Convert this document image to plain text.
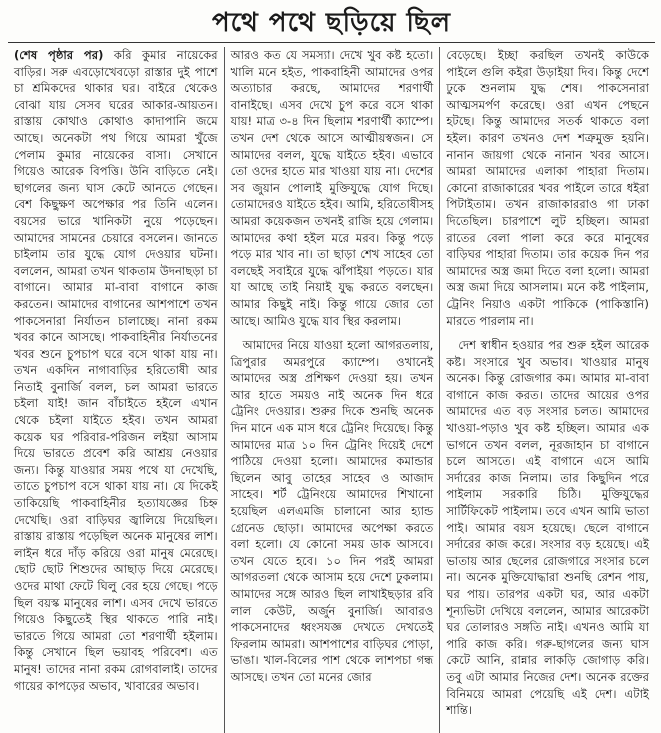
পথে পথে ছড়িয়ে ছিল

(শেষ পৃষ্ঠার পর) করি কুমার নায়েকের বাড়ির। সরু এবড়োখেবড়ো রাস্তার দুই পাশে চা শ্রমিকদের থাকার ঘর। বাইরে থেকেও বোঝা যায় সেসব ঘরের আকার-আয়তন। রাস্তায় কোথাও কোথাও কাদাপানি জমে আছে। অনেকটা পথ গিয়ে আমরা খুঁজে পেলাম কুমার নায়েকের বাসা। সেখানে গিয়েও আরেক বিপত্তি। উনি বাড়িতে নেই। ছাগলের জন্য ঘাস কেটে আনতে গেছেন। বেশ কিছুক্ষণ অপেক্ষার পর তিনি এলেন। বয়সের ভারে খানিকটা নুয়ে পড়েছেন। আমাদের সামনের চেয়ারে বসলেন। জানতে চাইলাম তার যুদ্ধে যোগ দেওয়ার ঘটনা। বললেন, আমরা তখন থাকতাম উদনাছড়া চা বাগানে। আমার মা-বাবা বাগানে কাজ করতেন। আমাদের বাগানের আশপাশে তখন পাকসেনারা নির্যাতন চালাচ্ছে। নানা রকম খবর কানে আসছে। পাকবাহিনীর নির্যাতনের খবর শুনে চুপচাপ ঘরে বসে থাকা যায় না। তখন একদিন নাগাবাড়ির হরিতোষী আর নিতাই বুনার্জি বলল, চল আমরা ভারতে চইলা যাই! জান বাঁচাইতে হইলে এখান থেকে চইলা যাইতে হইব। তখন আমরা কয়েক ঘর পরিবার-পরিজন লইয়া আসাম দিয়ে ভারতে প্রবেশ করি আশ্রয় নেওয়ার জন্য। কিন্তু যাওয়ার সময় পথে যা দেখেছি, তাতে চুপচাপ বসে থাকা যায় না। যে দিকেই তাকিয়েছি পাকবাহিনীর হত্যাযজ্ঞের চিহ্ন দেখেছি। ওরা বাড়িঘর জ্বালিয়ে দিয়েছিল। রাস্তায় রাস্তায় পড়েছিল অনেক মানুষের লাশ। লাইন ধরে দাঁড় করিয়ে ওরা মানুষ মেরেছে। ছোট ছোট শিশুদের আছাড় দিয়ে মেরেছে। ওদের মাথা ফেটে ঘিলু বের হয়ে গেছে। পড়ে ছিল বয়স্ক মানুষের লাশ। এসব দেখে ভারতে গিয়েও কিছুতেই স্থির থাকতে পারি নাই। ভারতে গিয়ে আমরা তো শরণার্থী হইলাম। কিন্তু সেখানে ছিল ভয়াবহ পরিবেশ। এত মানুষ! তাদের নানা রকম রোগবালাই। তাদের গায়ের কাপড়ের অভাব, খাবারের অভাব।

আরও কত যে সমস্যা। দেখে খুব কষ্ট হতো। খালি মনে হইত, পাকবাহিনী আমাদের ওপর অত্যাচার করছে, আমাদের শরণার্থী বানাইছে। এসব দেখে চুপ করে বসে থাকা যায়! মাত্র ৩-৪ দিন ছিলাম শরণার্থী ক্যাম্পে। তখন দেশ থেকে আসে আত্মীয়স্বজন। সে আমাদের বলল, যুদ্ধে যাইতে হইব। এভাবে তো ওদের হাতে মার খাওয়া যায় না। দেশের সব জুয়ান পোলাই মুক্তিযুদ্ধে যোগ দিছে। তোমাদেরও যাইতে হইব। আমি, হরিতোষীসহ আমরা কয়েকজন তখনই রাজি হয়ে গেলাম। আমাদের কথা হইল মরে মরব। কিন্তু পড়ে পড়ে মার খাব না। তা ছাড়া শেখ সাহেব তো বলছেই সবাইরে যুদ্ধে ঝাঁপাইয়া পড়তে। যার যা আছে তাই নিয়াই যুদ্ধ করতে বলছেন। আমার কিছুই নাই। কিন্তু গায়ে জোর তো আছে। আমিও যুদ্ধে যাব স্থির করলাম।

আমাদের নিয়ে যাওয়া হলো আগরতলায়, ত্রিপুরার অমরপুরে ক্যাম্পে। ওখানেই আমাদের অস্ত্র প্রশিক্ষণ দেওয়া হয়। তখন আর হাতে সময়ও নাই অনেক দিন ধরে ট্রেনিং দেওয়ার। শুরুর দিকে শুনছি অনেক দিন মানে এক মাস ধরে ট্রেনিং দিয়েছে। কিন্তু আমাদের মাত্র ১০ দিন ট্রেনিং দিয়েই দেশে পাঠিয়ে দেওয়া হলো। আমাদের কমান্ডার ছিলেন আবু তাহের সাহেব ও আজাদ সাহেব। শর্ট ট্রেনিংয়ে আমাদের শিখানো হয়েছিল এলএমজি চালানো আর হ্যান্ড গ্রেনেড ছোড়া। আমাদের অপেক্ষা করতে বলা হলো। যে কোনো সময় ডাক আসবে। তখন যেতে হবে। ১০ দিন পরই আমরা আগরতলা থেকে আসাম হয়ে দেশে ঢুকলাম। আমাদের সঙ্গে আরও ছিল লাখাইছড়ার রবি লাল কেউট, অর্জুন বুনার্জি। আবারও পাকসেনাদের ধ্বংসযজ্ঞ দেখতে দেখতেই ফিরলাম আমরা। আশপাশের বাড়িঘর পোড়া, ভাঙা। খাল-বিলের পাশ থেকে লাশপচা গন্ধ আসছে। তখন তো মনের জোর

বেড়েছে। ইচ্ছা করছিল তখনই কাউকে পাইলে গুলি কইরা উড়াইয়া দিব। কিন্তু দেশে ঢুকে শুনলাম যুদ্ধ শেষ। পাকসেনারা আত্মসমর্পণ করেছে। ওরা এখন পেছনে হটছে। কিন্তু আমাদের সতর্ক থাকতে বলা হইল। কারণ তখনও দেশ শত্রুমুক্ত হয়নি। নানান জায়গা থেকে নানান খবর আসে। আমরা আমাদের এলাকা পাহারা দিতাম। কোনো রাজাকারের খবর পাইলে তারে ধইরা পিটাইতাম। তখন রাজাকাররাও গা ঢাকা দিতেছিল। চারপাশে লুট হচ্ছিল। আমরা রাতের বেলা পালা করে করে মানুষের বাড়িঘর পাহারা দিতাম। তার কয়েক দিন পর আমাদের অস্ত্র জমা দিতে বলা হলো। আমরা অস্ত্র জমা দিয়ে আসলাম। মনে কষ্ট পাইলাম, ট্রেনিং নিয়াও একটা পাকিকে (পাকিস্তানি) মারতে পারলাম না।

দেশ স্বাধীন হওয়ার পর শুরু হইল আরেক কষ্ট। সংসারে খুব অভাব। খাওয়ার মানুষ অনেক। কিন্তু রোজগার কম। আমার মা-বাবা বাগানে কাজ করত। তাদের আয়ের ওপর আমাদের এত বড় সংসার চলত। আমাদের খাওয়া-পড়াও খুব কষ্ট হচ্ছিল। আমার এক ভাগনে তখন বলল, নূরজাহান চা বাগানে চলে আসতে। এই বাগানে এসে আমি সর্দারের কাজ নিলাম। তার কিছুদিন পরে পাইলাম সরকারি চিঠি। মুক্তিযুদ্ধের সার্টিফিকেট পাইলাম। তবে এখন আমি ভাতা পাই। আমার বয়স হয়েছে। ছেলে বাগানে সর্দারের কাজ করে। সংসার বড় হয়েছে। এই ভাতায় আর ছেলের রোজগারে সংসার চলে না। অনেক মুক্তিযোদ্ধারা শুনছি রেশন পায়, ঘর পায়। তারপর একটা ঘর, আর একটা শূন্যভিটা দেখিয়ে বললেন, আমার আরেকটা ঘর তোলারও সঙ্গতি নাই। এখনও আমি যা পারি কাজ করি। গরু-ছাগলের জন্য ঘাস কেটে আনি, রান্নার লাকড়ি জোগাড় করি। তবু এটা আমার নিজের দেশ। অনেক রক্তের বিনিময়ে আমরা পেয়েছি এই দেশ। এটাই শান্তি।
